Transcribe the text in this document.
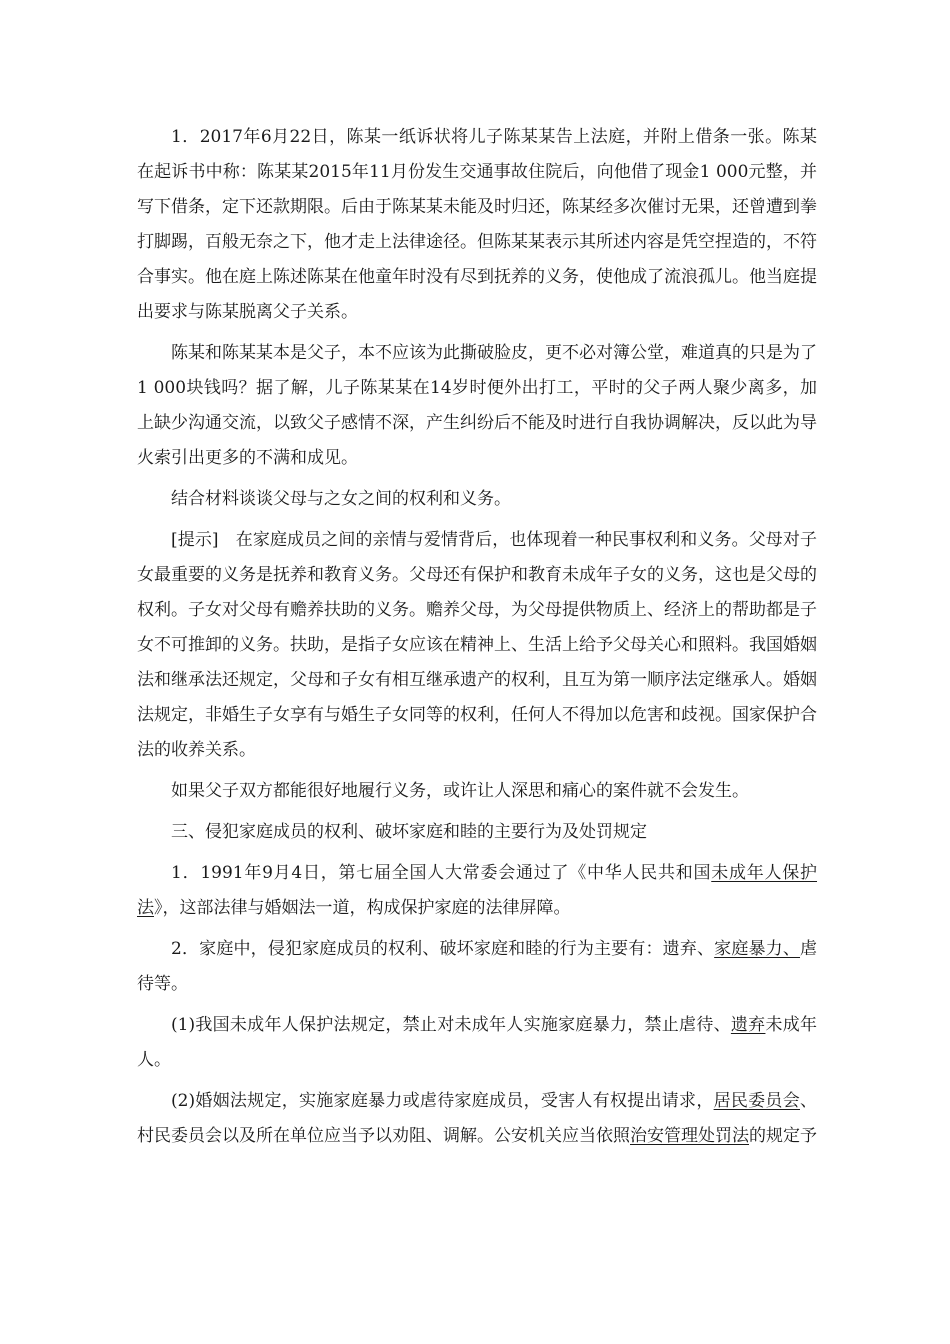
1．2017年6月22日，陈某一纸诉状将儿子陈某某告上法庭，并附上借条一张。陈某在起诉书中称：陈某某2015年11月份发生交通事故住院后，向他借了现金1 000元整，并写下借条，定下还款期限。后由于陈某某未能及时归还，陈某经多次催讨无果，还曾遭到拳打脚踢，百般无奈之下，他才走上法律途径。但陈某某表示其所述内容是凭空捏造的，不符合事实。他在庭上陈述陈某在他童年时没有尽到抚养的义务，使他成了流浪孤儿。他当庭提出要求与陈某脱离父子关系。

陈某和陈某某本是父子，本不应该为此撕破脸皮，更不必对簿公堂，难道真的只是为了1 000块钱吗？据了解，儿子陈某某在14岁时便外出打工，平时的父子两人聚少离多，加上缺少沟通交流，以致父子感情不深，产生纠纷后不能及时进行自我协调解决，反以此为导火索引出更多的不满和成见。

结合材料谈谈父母与之女之间的权利和义务。

[提示]　在家庭成员之间的亲情与爱情背后，也体现着一种民事权利和义务。父母对子女最重要的义务是抚养和教育义务。父母还有保护和教育未成年子女的义务，这也是父母的权利。子女对父母有赡养扶助的义务。赡养父母，为父母提供物质上、经济上的帮助都是子女不可推卸的义务。扶助，是指子女应该在精神上、生活上给予父母关心和照料。我国婚姻法和继承法还规定，父母和子女有相互继承遗产的权利，且互为第一顺序法定继承人。婚姻法规定，非婚生子女享有与婚生子女同等的权利，任何人不得加以危害和歧视。国家保护合法的收养关系。

如果父子双方都能很好地履行义务，或许让人深思和痛心的案件就不会发生。

三、侵犯家庭成员的权利、破坏家庭和睦的主要行为及处罚规定

1．1991年9月4日，第七届全国人大常委会通过了《中华人民共和国未成年人保护法》，这部法律与婚姻法一道，构成保护家庭的法律屏障。

2．家庭中，侵犯家庭成员的权利、破坏家庭和睦的行为主要有：遗弃、家庭暴力、虐待等。

(1)我国未成年人保护法规定，禁止对未成年人实施家庭暴力，禁止虐待、遗弃未成年人。

(2)婚姻法规定，实施家庭暴力或虐待家庭成员，受害人有权提出请求，居民委员会、村民委员会以及所在单位应当予以劝阻、调解。公安机关应当依照治安管理处罚法的规定予
